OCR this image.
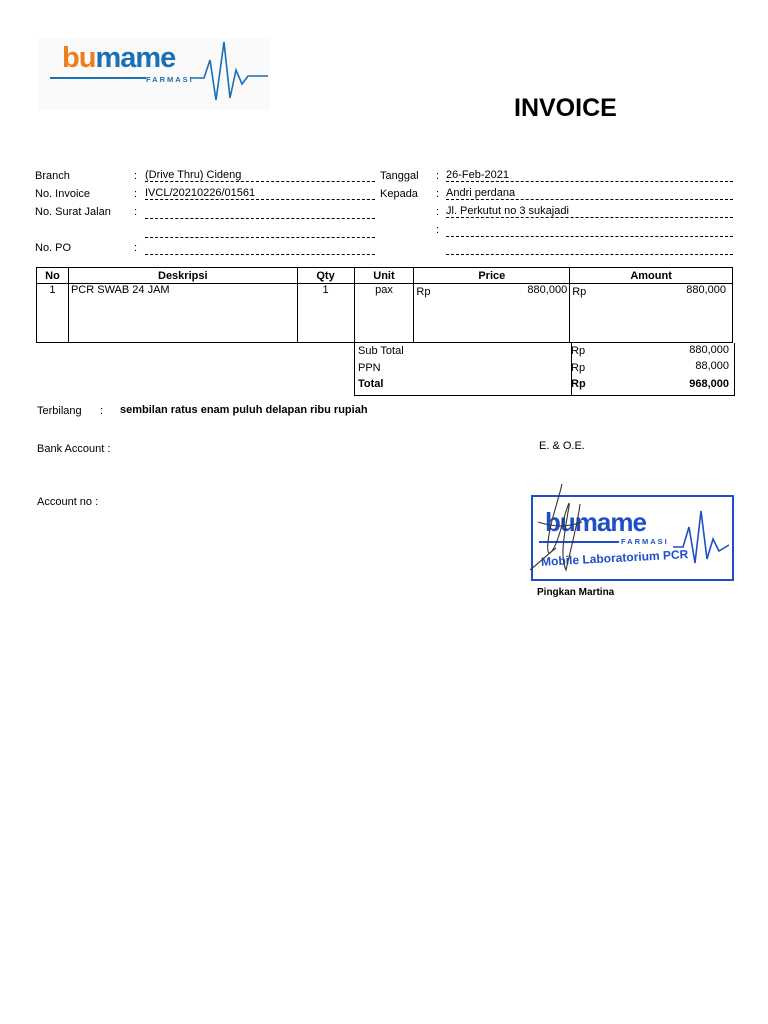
bumame
FARMASI
INVOICE
Branch	: (Drive Thru) Cideng
No. Invoice	: IVCL/20210226/01561
No. Surat Jalan :
No. PO	:
Tanggal : 26-Feb-2021
Kepada : Andri perdana
: Jl. Perkutut no 3 sukajadi
:
No	Deskripsi	Qty	Unit	Price	Amount
1	PCR SWAB 24 JAM	1	pax	Rp 880,000	Rp 880,000
Sub Total	Rp	880,000
PPN	Rp	88,000
Total	Rp	968,000
Terbilang : sembilan ratus enam puluh delapan ribu rupiah
E. & O.E.
Bank Account :
Account no :
bumame
FARMASI
Mobile Laboratorium PCR
Pingkan Martina
